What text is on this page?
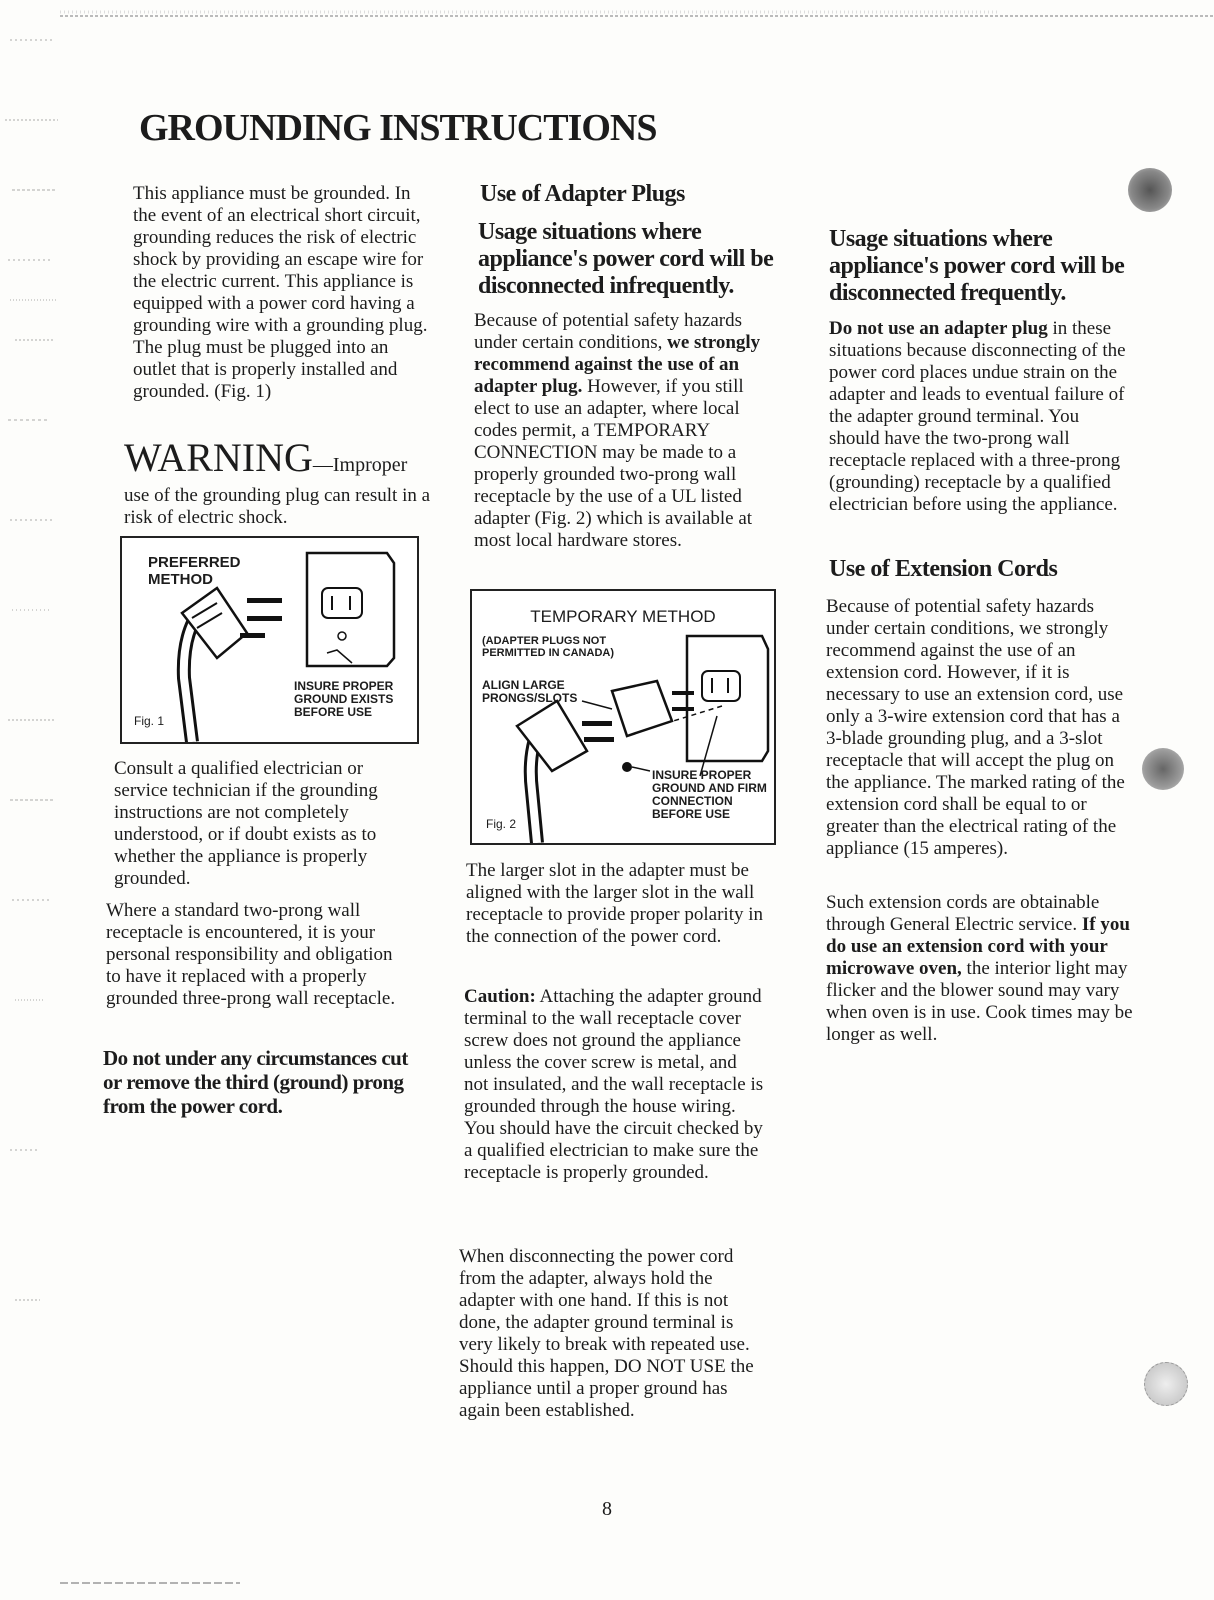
GROUNDING INSTRUCTIONS

This appliance must be grounded. In the event of an electrical short circuit, grounding reduces the risk of electric shock by providing an escape wire for the electric current. This appliance is equipped with a power cord having a grounding wire with a grounding plug. The plug must be plugged into an outlet that is properly installed and grounded. (Fig. 1)

WARNING—Improper

use of the grounding plug can result in a risk of electric shock.

PREFERRED METHOD
INSURE PROPER GROUND EXISTS BEFORE USE
Fig. 1

Consult a qualified electrician or service technician if the grounding instructions are not completely understood, or if doubt exists as to whether the appliance is properly grounded.

Where a standard two-prong wall receptacle is encountered, it is your personal responsibility and obligation to have it replaced with a properly grounded three-prong wall receptacle.

Do not under any circumstances cut or remove the third (ground) prong from the power cord.

Use of Adapter Plugs
Usage situations where appliance's power cord will be disconnected infrequently.

Because of potential safety hazards under certain conditions, we strongly recommend against the use of an adapter plug. However, if you still elect to use an adapter, where local codes permit, a TEMPORARY CONNECTION may be made to a properly grounded two-prong wall receptacle by the use of a UL listed adapter (Fig. 2) which is available at most local hardware stores.

TEMPORARY METHOD
(ADAPTER PLUGS NOT PERMITTED IN CANADA)
ALIGN LARGE PRONGS/SLOTS
INSURE PROPER GROUND AND FIRM CONNECTION BEFORE USE
Fig. 2

The larger slot in the adapter must be aligned with the larger slot in the wall receptacle to provide proper polarity in the connection of the power cord.

Caution: Attaching the adapter ground terminal to the wall receptacle cover screw does not ground the appliance unless the cover screw is metal, and not insulated, and the wall receptacle is grounded through the house wiring. You should have the circuit checked by a qualified electrician to make sure the receptacle is properly grounded.

When disconnecting the power cord from the adapter, always hold the adapter with one hand. If this is not done, the adapter ground terminal is very likely to break with repeated use. Should this happen, DO NOT USE the appliance until a proper ground has again been established.

Usage situations where appliance's power cord will be disconnected frequently.

Do not use an adapter plug in these situations because disconnecting of the power cord places undue strain on the adapter and leads to eventual failure of the adapter ground terminal. You should have the two-prong wall receptacle replaced with a three-prong (grounding) receptacle by a qualified electrician before using the appliance.

Use of Extension Cords

Because of potential safety hazards under certain conditions, we strongly recommend against the use of an extension cord. However, if it is necessary to use an extension cord, use only a 3-wire extension cord that has a 3-blade grounding plug, and a 3-slot receptacle that will accept the plug on the appliance. The marked rating of the extension cord shall be equal to or greater than the electrical rating of the appliance (15 amperes).

Such extension cords are obtainable through General Electric service. If you do use an extension cord with your microwave oven, the interior light may flicker and the blower sound may vary when oven is in use. Cook times may be longer as well.

8
